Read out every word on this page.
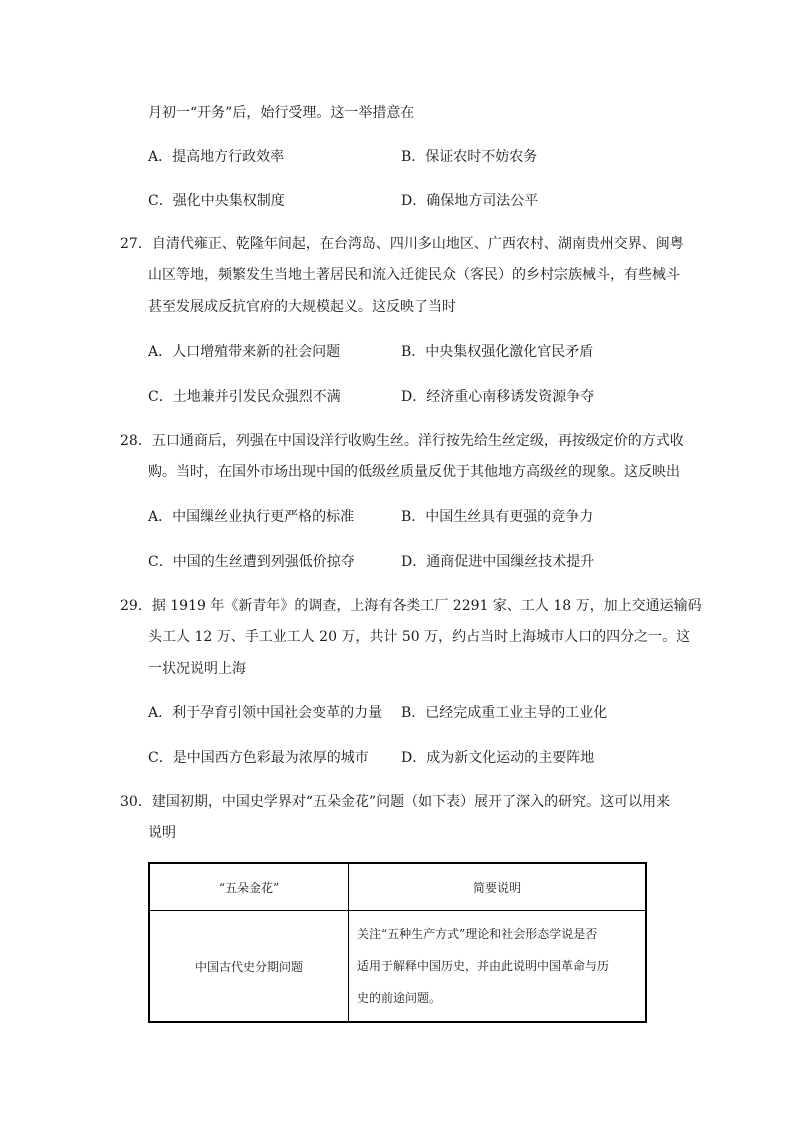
月初一“开务”后，始行受理。这一举措意在
A．提高地方行政效率	B．保证农时不妨农务
C．强化中央集权制度	D．确保地方司法公平
27．自清代雍正、乾隆年间起，在台湾岛、四川多山地区、广西农村、湖南贵州交界、闽粤
山区等地，频繁发生当地土著居民和流入迁徙民众（客民）的乡村宗族械斗，有些械斗
甚至发展成反抗官府的大规模起义。这反映了当时
A．人口增殖带来新的社会问题	B．中央集权强化激化官民矛盾
C．土地兼并引发民众强烈不满	D．经济重心南移诱发资源争夺
28．五口通商后，列强在中国设洋行收购生丝。洋行按先给生丝定级，再按级定价的方式收
购。当时，在国外市场出现中国的低级丝质量反优于其他地方高级丝的现象。这反映出
A．中国缫丝业执行更严格的标准	B．中国生丝具有更强的竞争力
C．中国的生丝遭到列强低价掠夺	D．通商促进中国缫丝技术提升
29．据 1919 年《新青年》的调查，上海有各类工厂 2291 家、工人 18 万，加上交通运输码
头工人 12 万、手工业工人 20 万，共计 50 万，约占当时上海城市人口的四分之一。这
一状况说明上海
A．利于孕育引领中国社会变革的力量 B．已经完成重工业主导的工业化
C．是中国西方色彩最为浓厚的城市 D．成为新文化运动的主要阵地
30．建国初期，中国史学界对“五朵金花”问题（如下表）展开了深入的研究。这可以用来
说明
“五朵金花”	简要说明
中国古代史分期问题	关注“五种生产方式”理论和社会形态学说是否
适用于解释中国历史，并由此说明中国革命与历
史的前途问题。
